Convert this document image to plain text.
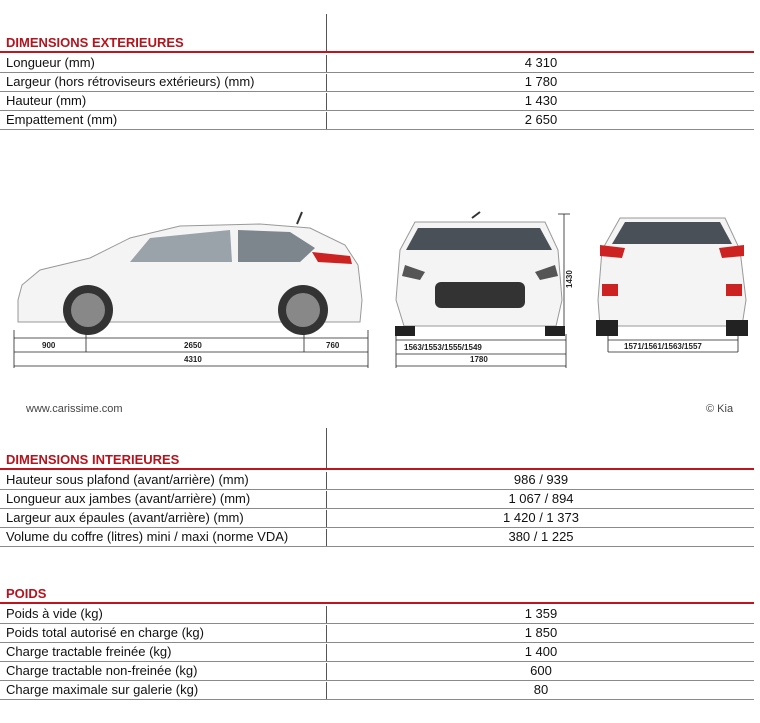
DIMENSIONS EXTERIEURES
Longueur (mm)	4 310
Largeur (hors rétroviseurs extérieurs) (mm)	1 780
Hauteur (mm)	1 430
Empattement (mm)	2 650
900	2650	760
4310
1563/1553/1555/1549
1780
1430
1571/1561/1563/1557
www.carissime.com	© Kia
DIMENSIONS INTERIEURES
Hauteur sous plafond (avant/arrière) (mm)	986 / 939
Longueur aux jambes (avant/arrière) (mm)	1 067 / 894
Largeur aux épaules (avant/arrière) (mm)	1 420 / 1 373
Volume du coffre (litres) mini / maxi (norme VDA)	380 / 1 225
POIDS
Poids à vide (kg)	1 359
Poids total autorisé en charge (kg)	1 850
Charge tractable freinée (kg)	1 400
Charge tractable non-freinée (kg)	600
Charge maximale sur galerie (kg)	80
